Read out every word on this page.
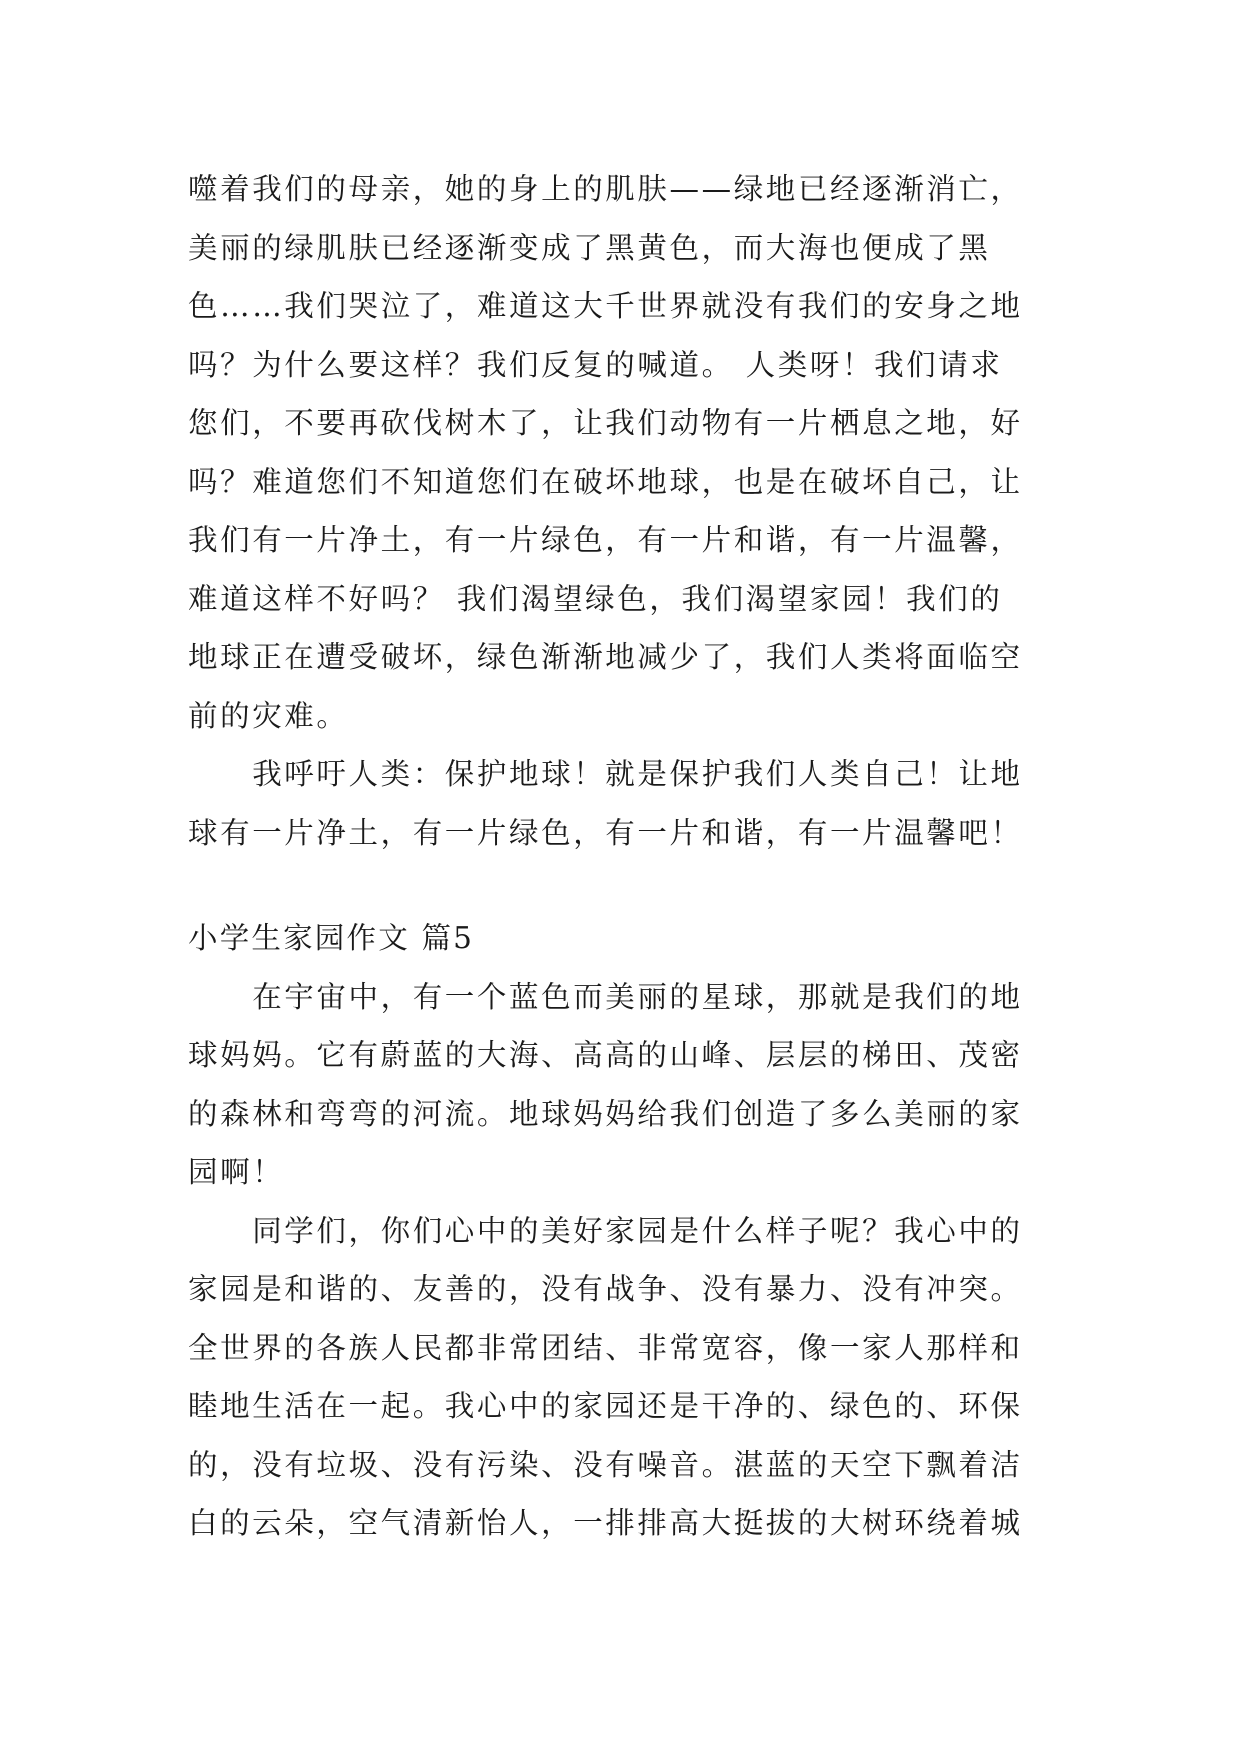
噬着我们的母亲，她的身上的肌肤——绿地已经逐渐消亡，
美丽的绿肌肤已经逐渐变成了黑黄色，而大海也便成了黑
色……我们哭泣了，难道这大千世界就没有我们的安身之地
吗？为什么要这样？我们反复的喊道。 人类呀！我们请求
您们，不要再砍伐树木了，让我们动物有一片栖息之地，好
吗？难道您们不知道您们在破坏地球，也是在破坏自己，让
我们有一片净土，有一片绿色，有一片和谐，有一片温馨，
难道这样不好吗？ 我们渴望绿色，我们渴望家园！我们的
地球正在遭受破坏，绿色渐渐地减少了，我们人类将面临空
前的灾难。
　　我呼吁人类：保护地球！就是保护我们人类自己！让地
球有一片净土，有一片绿色，有一片和谐，有一片温馨吧！
小学生家园作文 篇5
　　在宇宙中，有一个蓝色而美丽的星球，那就是我们的地
球妈妈。它有蔚蓝的大海、高高的山峰、层层的梯田、茂密
的森林和弯弯的河流。地球妈妈给我们创造了多么美丽的家
园啊！
　　同学们，你们心中的美好家园是什么样子呢？我心中的
家园是和谐的、友善的，没有战争、没有暴力、没有冲突。
全世界的各族人民都非常团结、非常宽容，像一家人那样和
睦地生活在一起。我心中的家园还是干净的、绿色的、环保
的，没有垃圾、没有污染、没有噪音。湛蓝的天空下飘着洁
白的云朵，空气清新怡人，一排排高大挺拔的大树环绕着城
